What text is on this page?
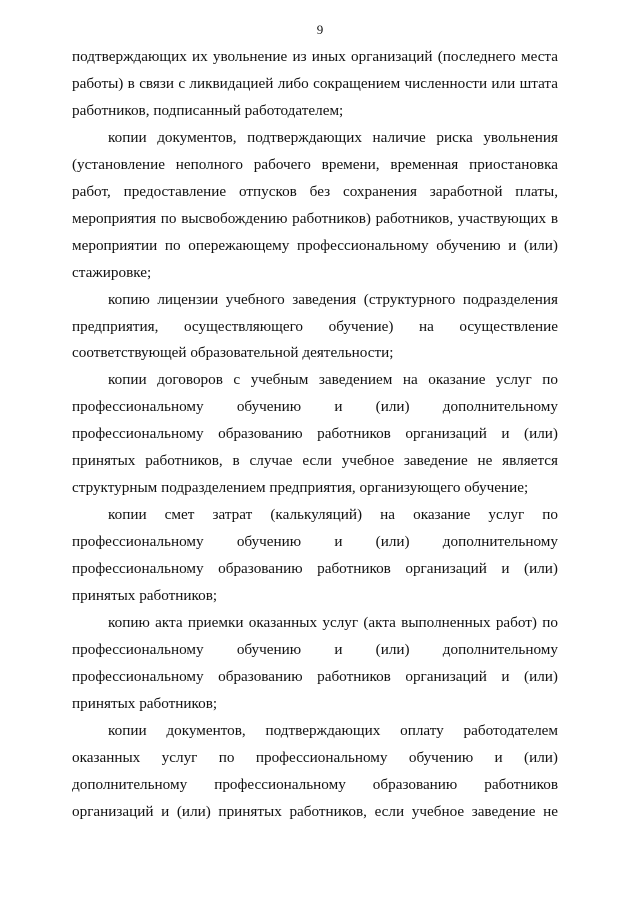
9
подтверждающих их увольнение из иных организаций (последнего места
работы) в связи с ликвидацией либо сокращением численности или штата
работников, подписанный работодателем;
копии документов, подтверждающих наличие риска увольнения
(установление неполного рабочего времени, временная приостановка
работ, предоставление отпусков без сохранения заработной платы,
мероприятия по высвобождению работников) работников, участвующих в
мероприятии по опережающему профессиональному обучению и (или)
стажировке;
копию лицензии учебного заведения (структурного подразделения
предприятия, осуществляющего обучение) на осуществление
соответствующей образовательной деятельности;
копии договоров с учебным заведением на оказание услуг по
профессиональному обучению и (или) дополнительному
профессиональному образованию работников организаций и (или)
принятых работников, в случае если учебное заведение не является
структурным подразделением предприятия, организующего обучение;
копии смет затрат (калькуляций) на оказание услуг по
профессиональному обучению и (или) дополнительному
профессиональному образованию работников организаций и (или)
принятых работников;
копию акта приемки оказанных услуг (акта выполненных работ) по
профессиональному обучению и (или) дополнительному
профессиональному образованию работников организаций и (или)
принятых работников;
копии документов, подтверждающих оплату работодателем
оказанных услуг по профессиональному обучению и (или)
дополнительному профессиональному образованию работников
организаций и (или) принятых работников, если учебное заведение не
